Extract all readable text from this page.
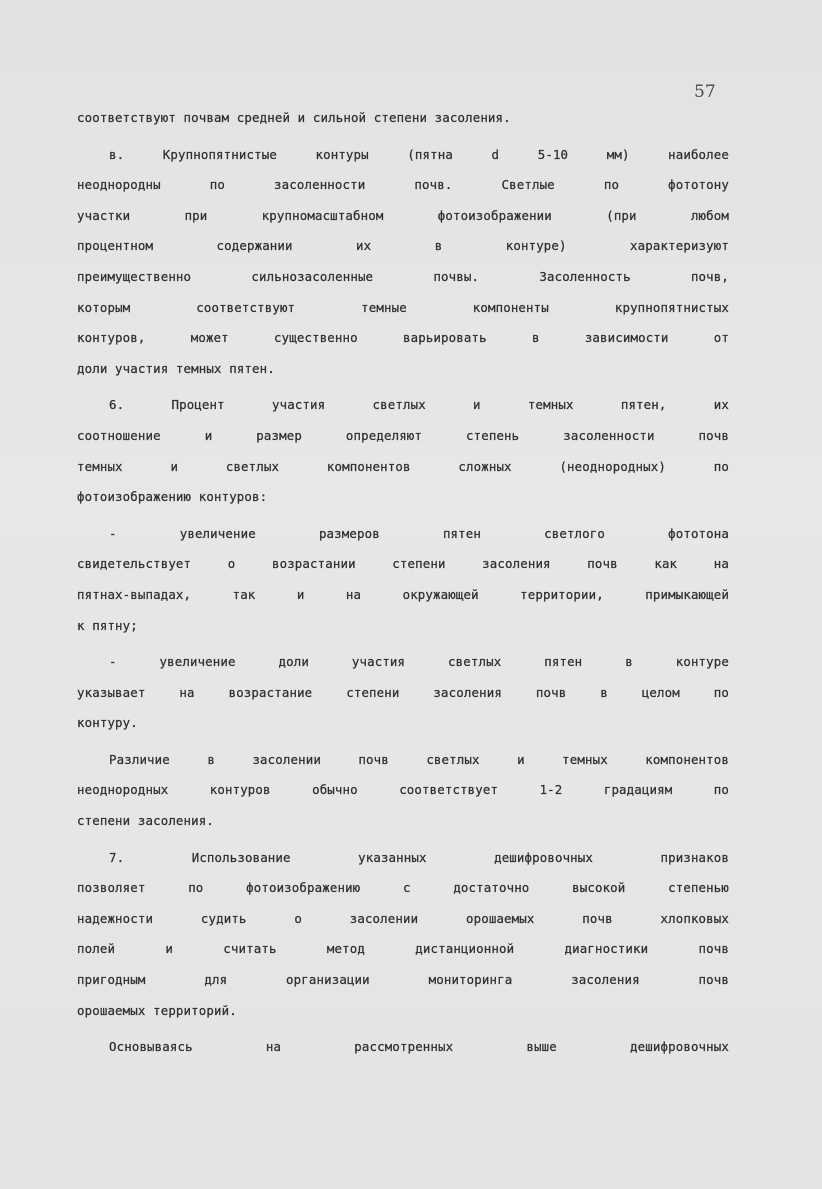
57
соответствуют почвам средней и сильной степени засоления.
в. Крупнопятнистые контуры (пятна d 5-10 мм) наиболее
неоднородны по засоленности почв. Светлые по фототону
участки при крупномасштабном фотоизображении (при любом
процентном содержании их в контуре) характеризуют
преимущественно сильнозасоленные почвы. Засоленность почв,
которым соответствуют темные компоненты крупнопятнистых
контуров, может существенно варьировать в зависимости от
доли участия темных пятен.
6. Процент участия светлых и темных пятен, их
соотношение и размер определяют степень засоленности почв
темных и светлых компонентов сложных (неоднородных) по
фотоизображению контуров:
- увеличение размеров пятен светлого фототона
свидетельствует о возрастании степени засоления почв как на
пятнах-выпадах, так и на окружающей территории, примыкающей
к пятну;
- увеличение доли участия светлых пятен в контуре
указывает на возрастание степени засоления почв в целом по
контуру.
Различие в засолении почв светлых и темных компонентов
неоднородных контуров обычно соответствует 1-2 градациям по
степени засоления.
7. Использование указанных дешифровочных признаков
позволяет по фотоизображению с достаточно высокой степенью
надежности судить о засолении орошаемых почв хлопковых
полей и считать метод дистанционной диагностики почв
пригодным для организации мониторинга засоления почв
орошаемых территорий.
Основываясь на рассмотренных выше дешифровочных
